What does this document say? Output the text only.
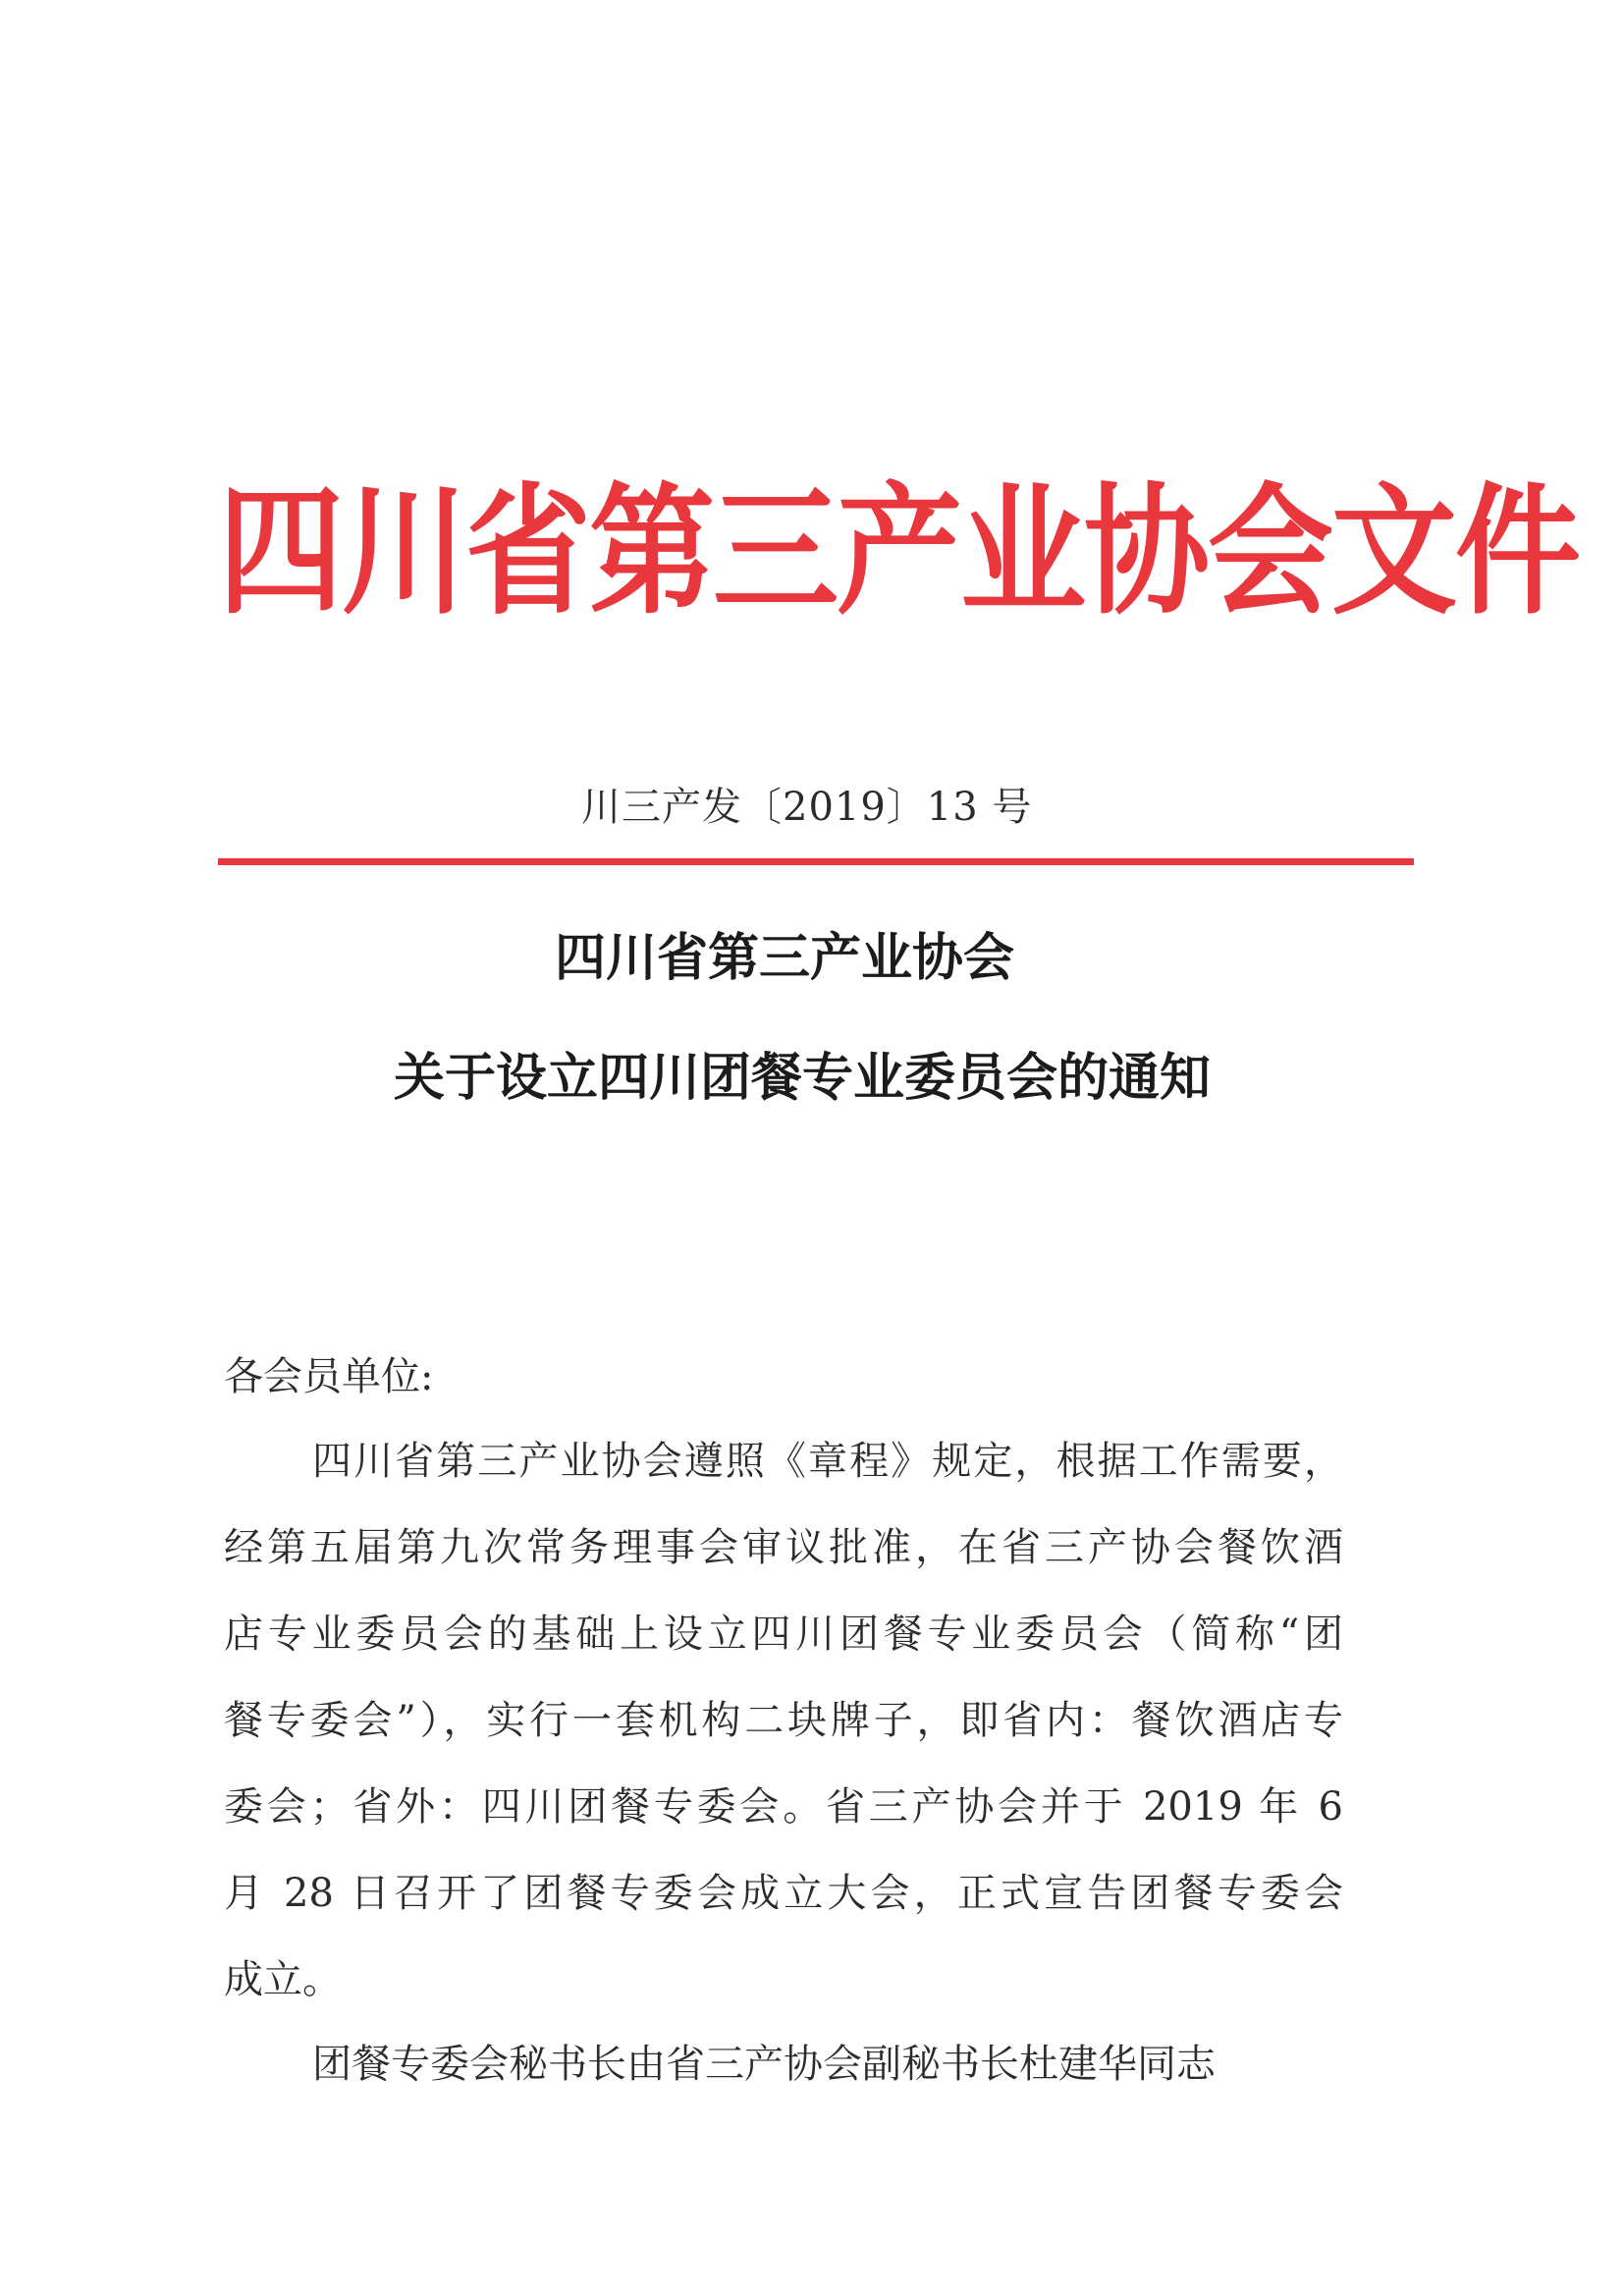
四川省第三产业协会文件
川三产发〔2019〕13 号
四川省第三产业协会
关于设立四川团餐专业委员会的通知
各会员单位:
四川省第三产业协会遵照《章程》规定，根据工作需要，
经第五届第九次常务理事会审议批准，在省三产协会餐饮酒
店专业委员会的基础上设立四川团餐专业委员会（简称“团
餐专委会”），实行一套机构二块牌子，即省内：餐饮酒店专
委会；省外：四川团餐专委会。省三产协会并于 2019 年 6
月 28 日召开了团餐专委会成立大会，正式宣告团餐专委会
成立。
团餐专委会秘书长由省三产协会副秘书长杜建华同志
